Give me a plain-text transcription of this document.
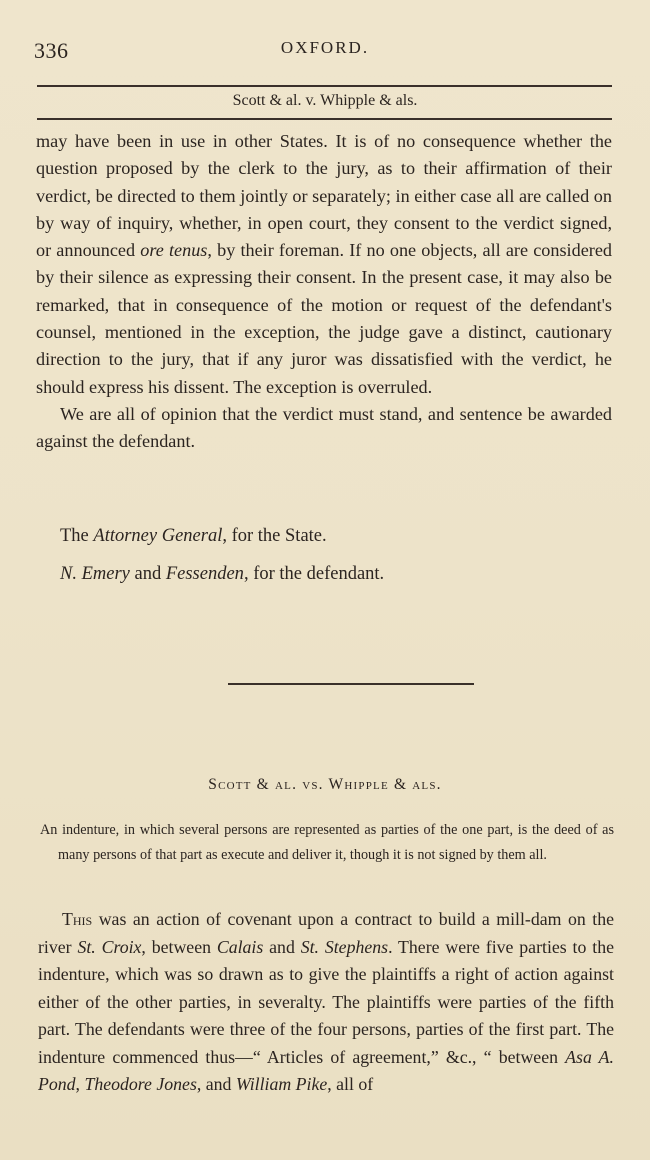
336	OXFORD.
Scott & al. v. Whipple & als.

may have been in use in other States. It is of no consequence whether the question proposed by the clerk to the jury, as to their affirmation of their verdict, be directed to them jointly or separately; in either case all are called on by way of inquiry, whether, in open court, they consent to the verdict signed, or announced ore tenus, by their foreman. If no one objects, all are considered by their silence as expressing their consent. In the present case, it may also be remarked, that in consequence of the motion or request of the defendant's counsel, mentioned in the exception, the judge gave a distinct, cautionary direction to the jury, that if any juror was dissatisfied with the verdict, he should express his dissent. The exception is overruled.

We are all of opinion that the verdict must stand, and sentence be awarded against the defendant.

The Attorney General, for the State.
N. Emery and Fessenden, for the defendant.
Scott & al. vs. Whipple & als.

An indenture, in which several persons are represented as parties of the one part, is the deed of as many persons of that part as execute and deliver it, though it is not signed by them all.

This was an action of covenant upon a contract to build a mill-dam on the river St. Croix, between Calais and St. Stephens. There were five parties to the indenture, which was so drawn as to give the plaintiffs a right of action against either of the other parties, in severalty. The plaintiffs were parties of the fifth part. The defendants were three of the four persons, parties of the first part. The indenture commenced thus—“ Articles of agreement,” &c., “ between Asa A. Pond, Theodore Jones, and William Pike, all of
